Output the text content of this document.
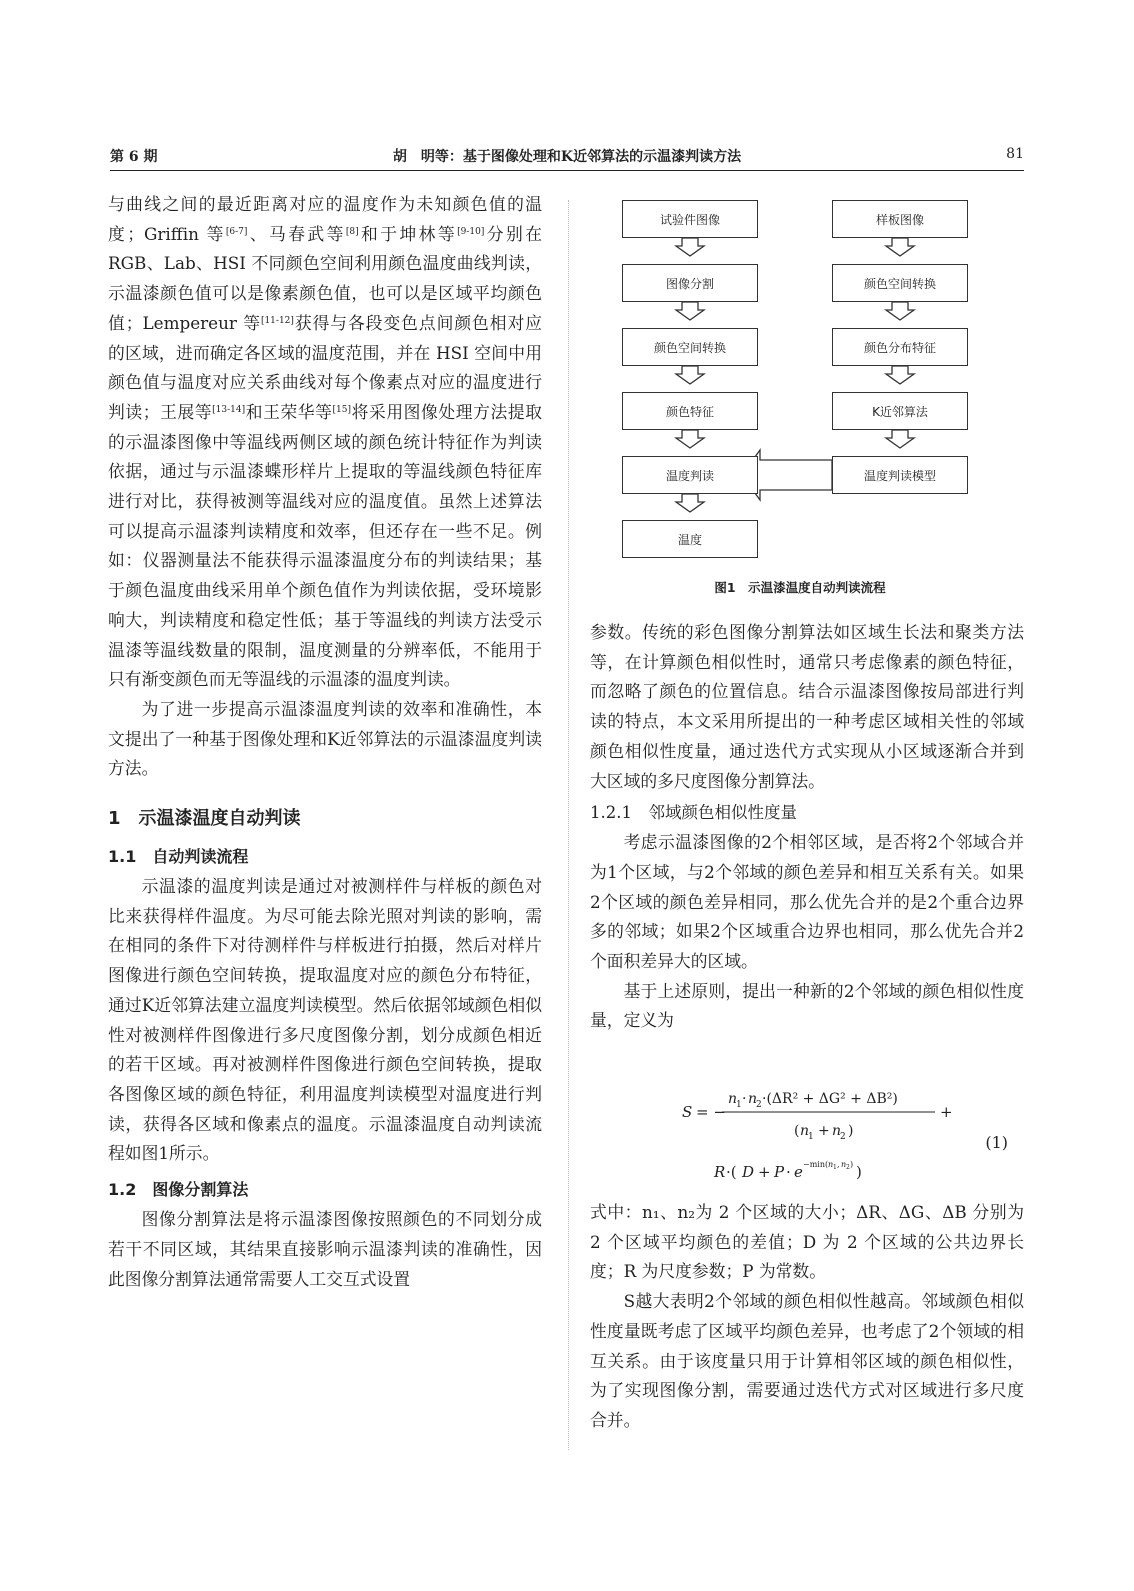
第 6 期	胡　明等：基于图像处理和K近邻算法的示温漆判读方法	81

与曲线之间的最近距离对应的温度作为未知颜色值的温度；Griffin 等[6-7]、马春武等[8]和于坤林等[9-10]分别在 RGB、Lab、HSI 不同颜色空间利用颜色温度曲线判读，示温漆颜色值可以是像素颜色值，也可以是区域平均颜色值；Lempereur 等[11-12]获得与各段变色点间颜色相对应的区域，进而确定各区域的温度范围，并在 HSI 空间中用颜色值与温度对应关系曲线对每个像素点对应的温度进行判读；王展等[13-14]和王荣华等[15]将采用图像处理方法提取的示温漆图像中等温线两侧区域的颜色统计特征作为判读依据，通过与示温漆蝶形样片上提取的等温线颜色特征库进行对比，获得被测等温线对应的温度值。虽然上述算法可以提高示温漆判读精度和效率，但还存在一些不足。例如：仪器测量法不能获得示温漆温度分布的判读结果；基于颜色温度曲线采用单个颜色值作为判读依据，受环境影响大，判读精度和稳定性低；基于等温线的判读方法受示温漆等温线数量的限制，温度测量的分辨率低，不能用于只有渐变颜色而无等温线的示温漆的温度判读。

为了进一步提高示温漆温度判读的效率和准确性，本文提出了一种基于图像处理和K近邻算法的示温漆温度判读方法。

1　示温漆温度自动判读
1.1　自动判读流程

示温漆的温度判读是通过对被测样件与样板的颜色对比来获得样件温度。为尽可能去除光照对判读的影响，需在相同的条件下对待测样件与样板进行拍摄，然后对样片图像进行颜色空间转换，提取温度对应的颜色分布特征，通过K近邻算法建立温度判读模型。然后依据邻域颜色相似性对被测样件图像进行多尺度图像分割，划分成颜色相近的若干区域。再对被测样件图像进行颜色空间转换，提取各图像区域的颜色特征，利用温度判读模型对温度进行判读，获得各区域和像素点的温度。示温漆温度自动判读流程如图1所示。

1.2　图像分割算法

图像分割算法是将示温漆图像按照颜色的不同划分成若干不同区域，其结果直接影响示温漆判读的准确性，因此图像分割算法通常需要人工交互式设置

试验件图像
图像分割
颜色空间转换
颜色特征
温度判读
温度
样板图像
颜色空间转换
颜色分布特征
K近邻算法
温度判读模型
图1　示温漆温度自动判读流程

参数。传统的彩色图像分割算法如区域生长法和聚类方法等，在计算颜色相似性时，通常只考虑像素的颜色特征，而忽略了颜色的位置信息。结合示温漆图像按局部进行判读的特点，本文采用所提出的一种考虑区域相关性的邻域颜色相似性度量，通过迭代方式实现从小区域逐渐合并到大区域的多尺度图像分割算法。

1.2.1　邻域颜色相似性度量

考虑示温漆图像的2个相邻区域，是否将2个邻域合并为1个区域，与2个邻域的颜色差异和相互关系有关。如果2个区域的颜色差异相同，那么优先合并的是2个重合边界多的邻域；如果2个区域重合边界也相同，那么优先合并2个面积差异大的区域。

基于上述原则，提出一种新的2个邻域的颜色相似性度量，定义为

S = −
n
1 · n
2 ·(ΔR² + ΔG² + ΔB²)
( n
1 + n
2 )
+
R ·( D + P · e −min( n 1 , n 2 ) )
(1)

式中：n₁、n₂为 2 个区域的大小；ΔR、ΔG、ΔB 分别为 2 个区域平均颜色的差值；D 为 2 个区域的公共边界长度；R 为尺度参数；P 为常数。

S越大表明2个邻域的颜色相似性越高。邻域颜色相似性度量既考虑了区域平均颜色差异，也考虑了2个领域的相互关系。由于该度量只用于计算相邻区域的颜色相似性，为了实现图像分割，需要通过迭代方式对区域进行多尺度合并。
